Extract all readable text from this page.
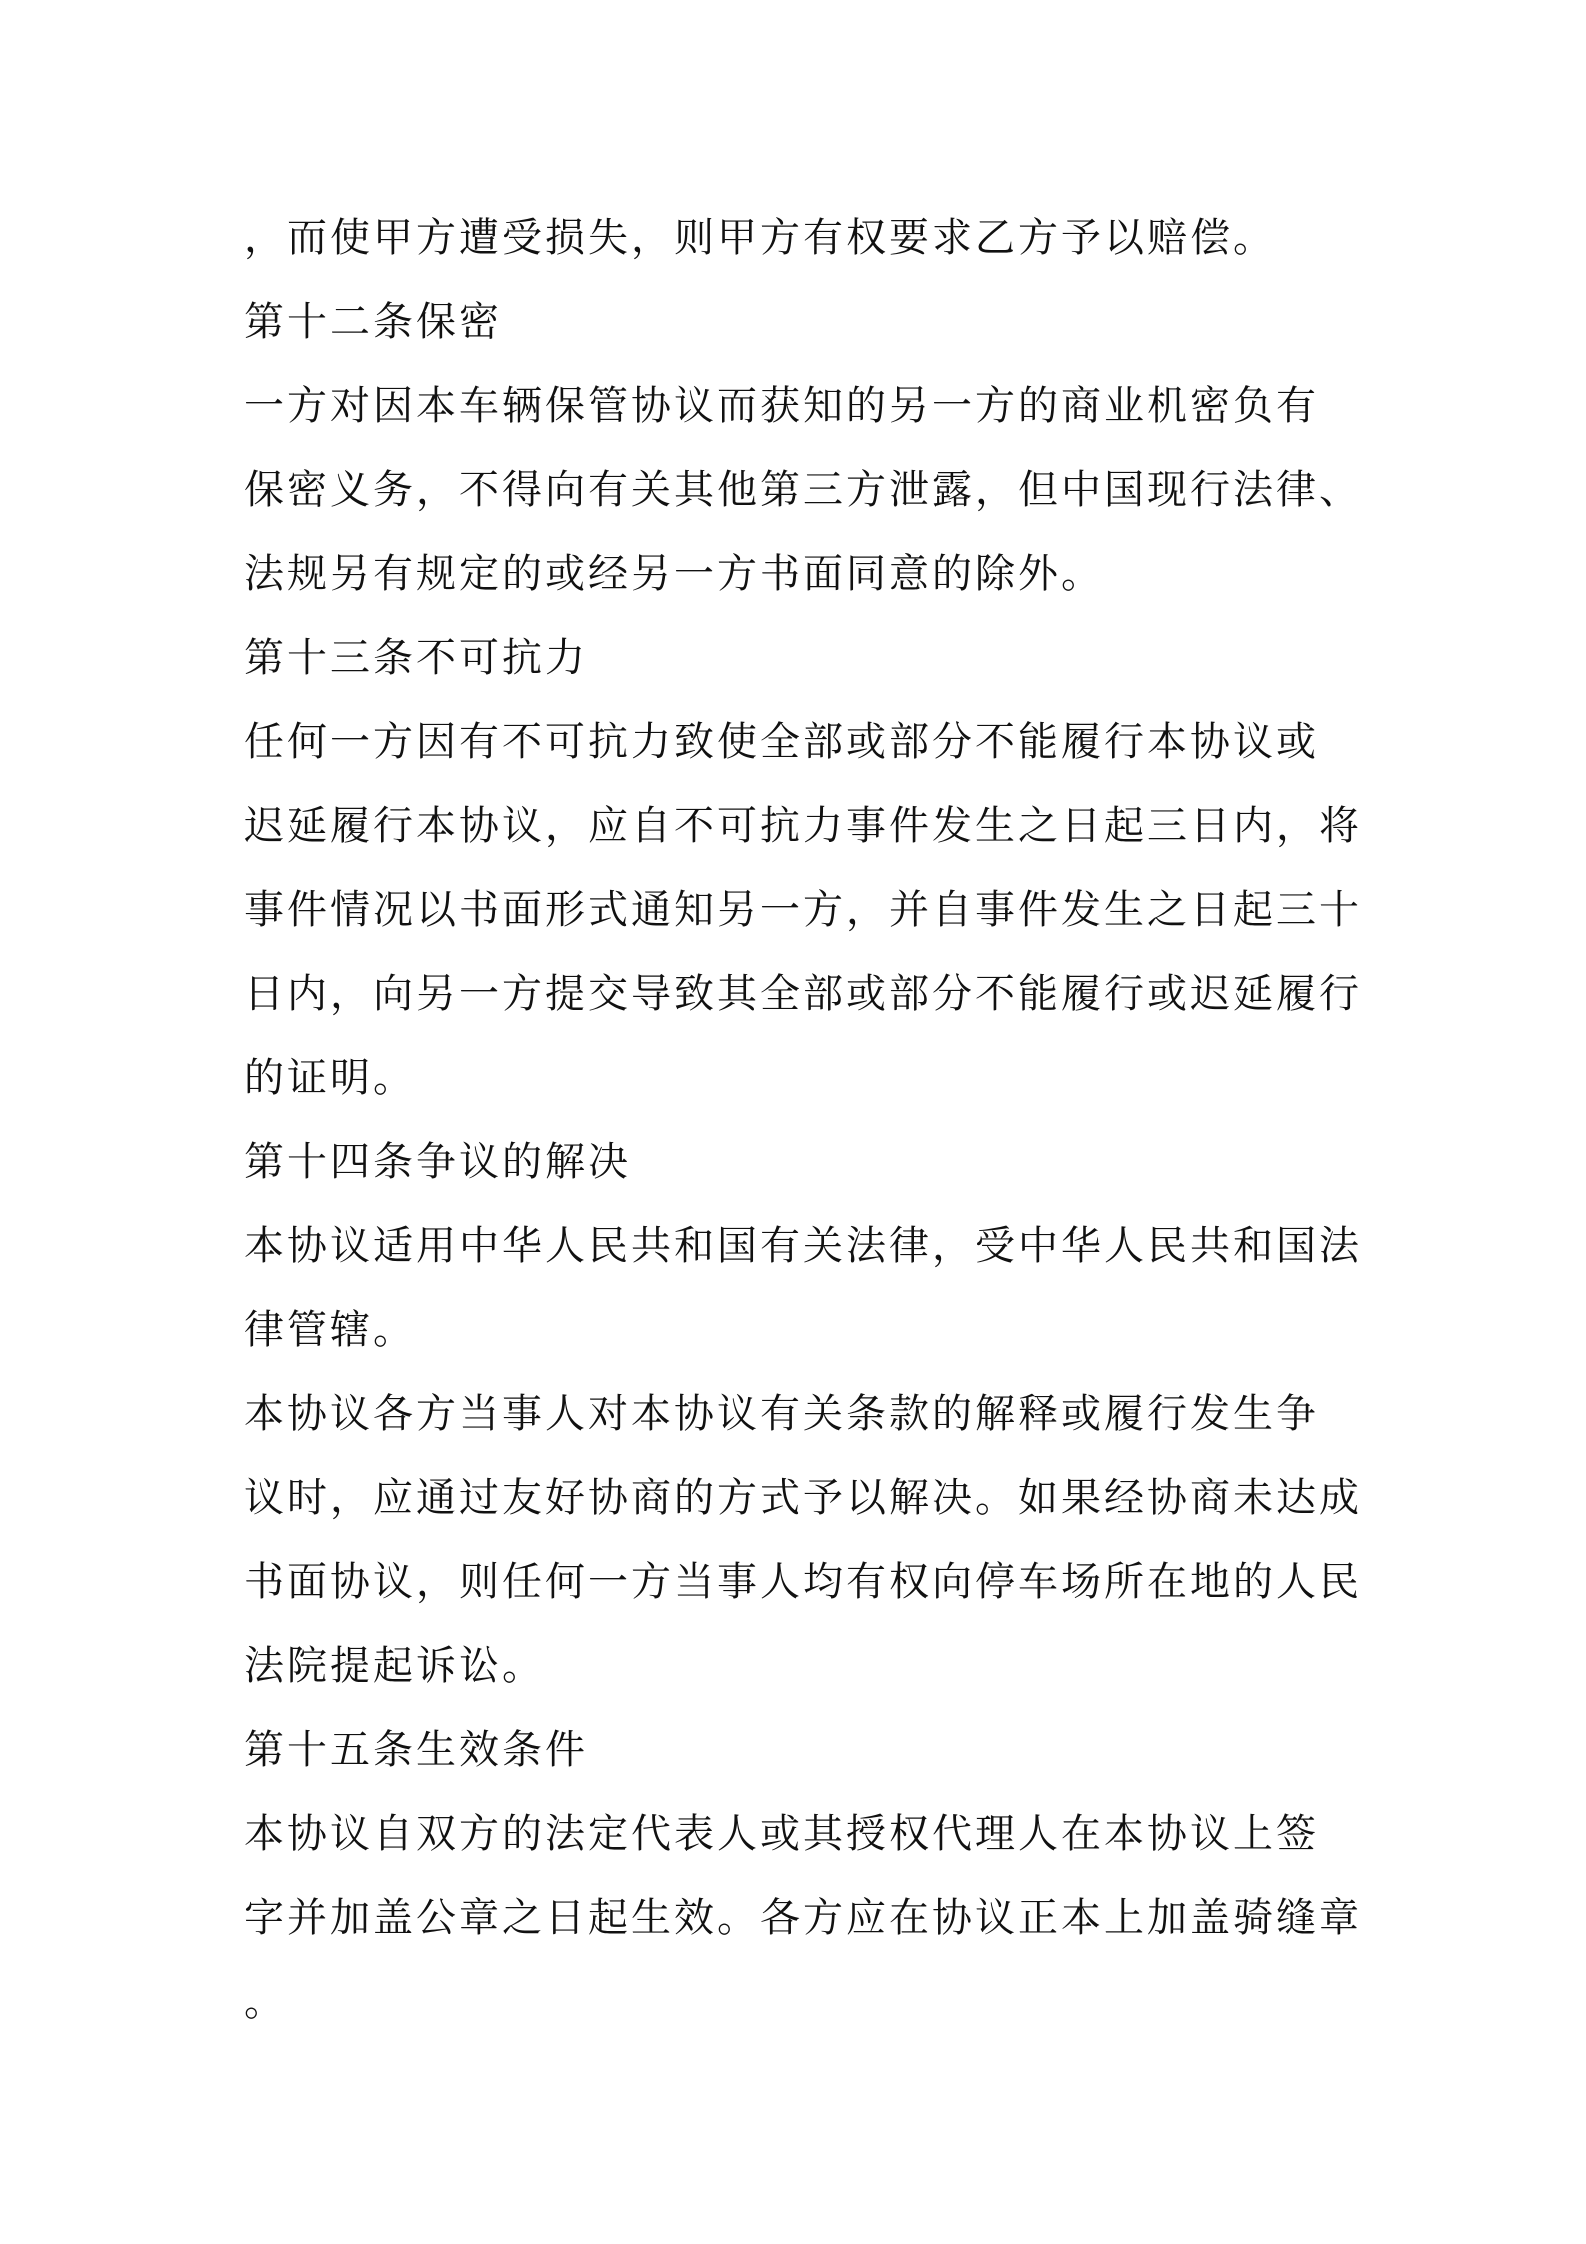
，而使甲方遭受损失，则甲方有权要求乙方予以赔偿。
第十二条保密
一方对因本车辆保管协议而获知的另一方的商业机密负有
保密义务，不得向有关其他第三方泄露，但中国现行法律、
法规另有规定的或经另一方书面同意的除外。
第十三条不可抗力
任何一方因有不可抗力致使全部或部分不能履行本协议或
迟延履行本协议，应自不可抗力事件发生之日起三日内，将
事件情况以书面形式通知另一方，并自事件发生之日起三十
日内，向另一方提交导致其全部或部分不能履行或迟延履行
的证明。
第十四条争议的解决
本协议适用中华人民共和国有关法律，受中华人民共和国法
律管辖。
本协议各方当事人对本协议有关条款的解释或履行发生争
议时，应通过友好协商的方式予以解决。如果经协商未达成
书面协议，则任何一方当事人均有权向停车场所在地的人民
法院提起诉讼。
第十五条生效条件
本协议自双方的法定代表人或其授权代理人在本协议上签
字并加盖公章之日起生效。各方应在协议正本上加盖骑缝章
。
